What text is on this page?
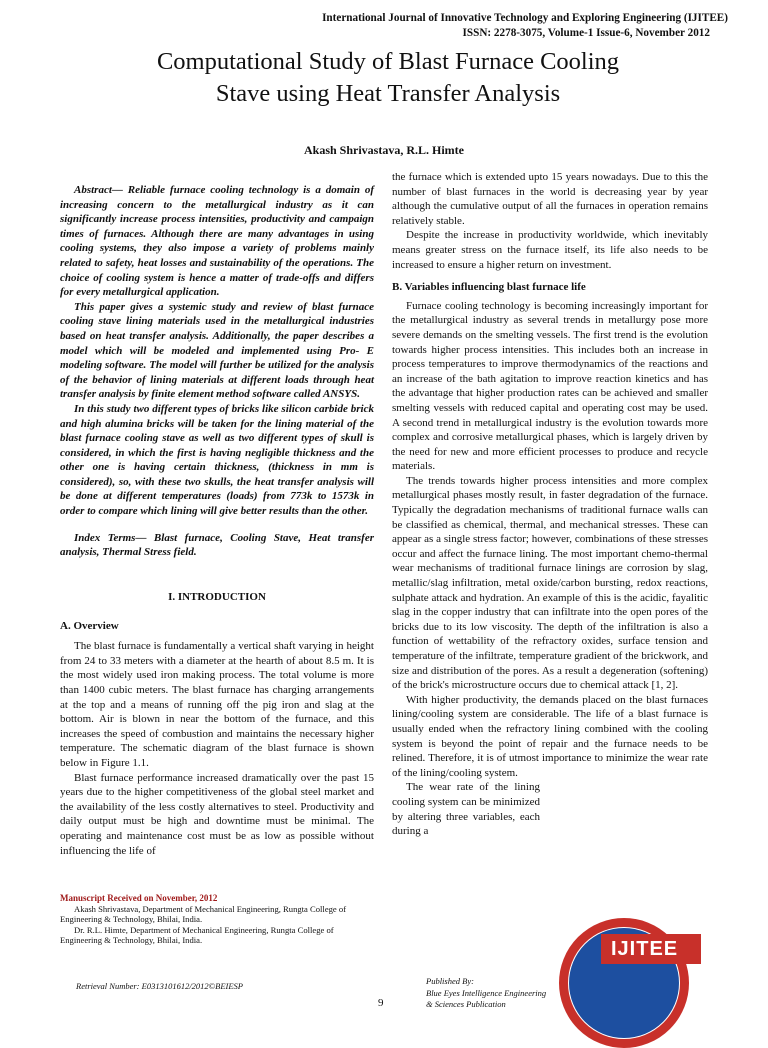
International Journal of Innovative Technology and Exploring Engineering (IJITEE)
ISSN: 2278-3075, Volume-1 Issue-6, November 2012
Computational Study of Blast Furnace Cooling
Stave using Heat Transfer Analysis
Akash Shrivastava, R.L. Himte

Abstract— Reliable furnace cooling technology is a domain of increasing concern to the metallurgical industry as it can significantly increase process intensities, productivity and campaign times of furnaces. Although there are many advantages in using cooling systems, they also impose a variety of problems mainly related to safety, heat losses and sustainability of the operations. The choice of cooling system is hence a matter of trade-offs and differs for every metallurgical application.

This paper gives a systemic study and review of blast furnace cooling stave lining materials used in the metallurgical industries based on heat transfer analysis. Additionally, the paper describes a model which will be modeled and implemented using Pro- E modeling software. The model will further be utilized for the analysis of the behavior of lining materials at different loads through heat transfer analysis by finite element method software called ANSYS.

In this study two different types of bricks like silicon carbide brick and high alumina bricks will be taken for the lining material of the blast furnace cooling stave as well as two different types of skull is considered, in which the first is having negligible thickness and the other one is having certain thickness, (thickness in mm is considered), so, with these two skulls, the heat transfer analysis will be done at different temperatures (loads) from 773k to 1573k in order to compare which lining will give better results than the other.

Index Terms— Blast furnace, Cooling Stave, Heat transfer analysis, Thermal Stress field.

I. INTRODUCTION

A. Overview

The blast furnace is fundamentally a vertical shaft varying in height from 24 to 33 meters with a diameter at the hearth of about 8.5 m. It is the most widely used iron making process. The total volume is more than 1400 cubic meters. The blast furnace has charging arrangements at the top and a means of running off the pig iron and slag at the bottom. Air is blown in near the bottom of the furnace, and this increases the speed of combustion and maintains the necessary higher temperature. The schematic diagram of the blast furnace is shown below in Figure 1.1.

Blast furnace performance increased dramatically over the past 15 years due to the higher competitiveness of the global steel market and the availability of the less costly alternatives to steel. Productivity and daily output must be high and downtime must be minimal. The operating and maintenance cost must be as low as possible without influencing the life of

Manuscript Received on November, 2012

Akash Shrivastava, Department of Mechanical Engineering, Rungta College of Engineering & Technology, Bhilai, India.

Dr. R.L. Himte, Department of Mechanical Engineering, Rungta College of Engineering & Technology, Bhilai, India.

the furnace which is extended upto 15 years nowadays. Due to this the number of blast furnaces in the world is decreasing year by year although the cumulative output of all the furnaces in operation remains relatively stable.

Despite the increase in productivity worldwide, which inevitably means greater stress on the furnace itself, its life also needs to be increased to ensure a higher return on investment.

B. Variables influencing blast furnace life

Furnace cooling technology is becoming increasingly important for the metallurgical industry as several trends in metallurgy pose more severe demands on the smelting vessels. The first trend is the evolution towards higher process intensities. This includes both an increase in process temperatures to improve thermodynamics of the reactions and an increase of the bath agitation to improve reaction kinetics and has the advantage that higher production rates can be achieved and smaller smelting vessels with reduced capital and operating cost may be used. A second trend in metallurgical industry is the evolution towards more complex and corrosive metallurgical phases, which is largely driven by the need for new and more efficient processes to produce and recycle materials.

The trends towards higher process intensities and more complex metallurgical phases mostly result, in faster degradation of the furnace. Typically the degradation mechanisms of traditional furnace walls can be classified as chemical, thermal, and mechanical stresses. These can appear as a single stress factor; however, combinations of these stresses occur and affect the furnace lining. The most important chemo-thermal wear mechanisms of traditional furnace linings are corrosion by slag, metallic/slag infiltration, metal oxide/carbon bursting, redox reactions, sulphate attack and hydration. An example of this is the acidic, fayalitic slag in the copper industry that can infiltrate into the open pores of the bricks due to its low viscosity. The depth of the infiltration is also a function of wettability of the refractory oxides, surface tension and temperature of the infiltrate, temperature gradient of the brickwork, and size and distribution of the pores. As a result a degeneration (softening) of the brick's microstructure occurs due to chemical attack [1, 2].

With higher productivity, the demands placed on the blast furnaces lining/cooling system are considerable. The life of a blast furnace is usually ended when the refractory lining combined with the cooling system is beyond the point of repair and the furnace needs to be relined. Therefore, it is of utmost importance to minimize the wear rate of the lining/cooling system.

The wear rate of the lining cooling system can be minimized by altering three variables, each during a

IJITEE
Retrieval Number: E0313101612/2012©BEIESP
9
Published By:
Blue Eyes Intelligence Engineering
& Sciences Publication
